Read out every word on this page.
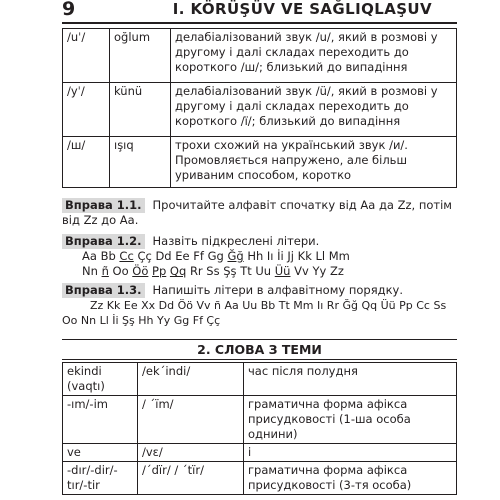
9	I. KÖRÜŞÜV VE SAĞLIQLAŞUV
/uˈ/	oğlum	делабіалізований звук /u/, який в розмові у другому і далі складах переходить до короткого /ш/; близький до випадіння
/уˈ/	künü	делабіалізований звук /ü/, який в розмові у другому і далі складах переходить до короткого /ї/; близький до випадіння
/ш/	ışıq	трохи схожий на український звук /и/. Промовляється напружено, але більш уриваним способом, коротко
Вправа 1.1. Прочитайте алфавіт спочатку від Аа да Zz, потім від Zz до Aa.
Вправа 1.2. Назвіть підкреслені літери.
Aa Bb Cc Çç Dd Ee Ff Gg Ğğ Hh Iı İi Jj Kk Ll Mm
Nn ñ Oo Öö Pp Qq Rr Ss Şş Tt Uu Üü Vv Yy Zz
Вправа 1.3. Напишіть літери в алфавітному порядку.
Zz Kk Ee Xx Dd Öö Vv ñ Aa Uu Bb Tt Mm Iı Rr Ğğ Qq Üü Pp Cc Ss
Oo Nn Ll İi Şş Hh Yy Gg Ff Çç
2. СЛОВА З ТЕМИ
ekindi (vaqtı)	/ek´indi/	час після полудня
-ım/-im	/ ˊïm/	граматична форма афікса присудковості (1-ша особа однини)
ve	/vɛ/	і
-dır/-dir/-tır/-tir	/ˊdïr/ / ˊtïr/	граматична форма афікса присудковості (3-тя особа)
